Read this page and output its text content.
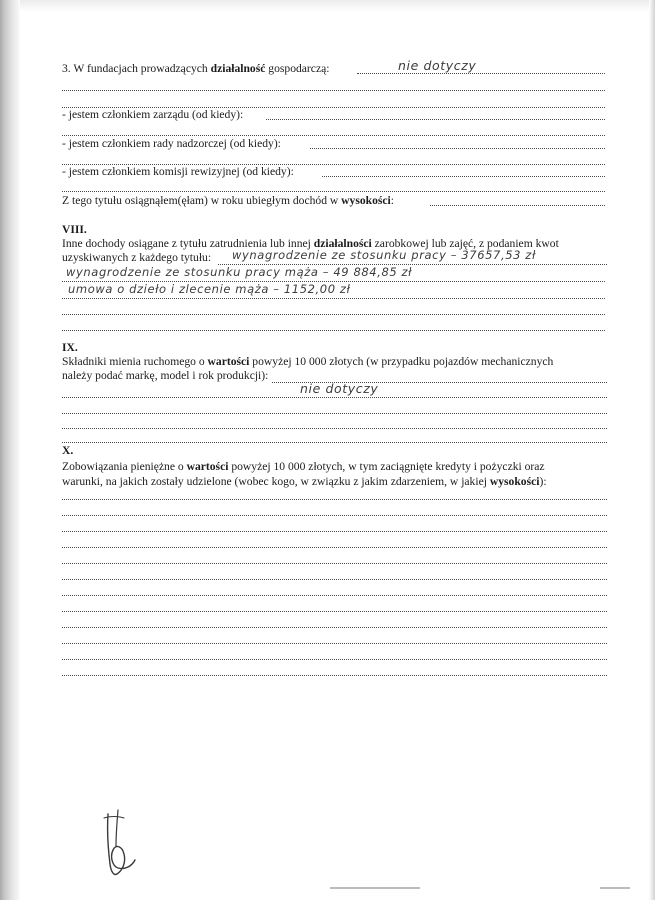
3. W fundacjach prowadzących działalność gospodarczą:	nie dotyczy
- jestem członkiem zarządu (od kiedy):
- jestem członkiem rady nadzorczej (od kiedy):
- jestem członkiem komisji rewizyjnej (od kiedy):
Z tego tytułu osiągnąłem(ęłam) w roku ubiegłym dochód w wysokości:
VIII.
Inne dochody osiągane z tytułu zatrudnienia lub innej działalności zarobkowej lub zajęć, z podaniem kwot
uzyskiwanych z każdego tytułu: wynagrodzenie ze stosunku pracy – 37657,53 zł
wynagrodzenie ze stosunku pracy mąża – 49 884,85 zł
umowa o dzieło i zlecenie mąża – 1152,00 zł
IX.
Składniki mienia ruchomego o wartości powyżej 10 000 złotych (w przypadku pojazdów mechanicznych
należy podać markę, model i rok produkcji):
nie dotyczy
X.
Zobowiązania pieniężne o wartości powyżej 10 000 złotych, w tym zaciągnięte kredyty i pożyczki oraz
warunki, na jakich zostały udzielone (wobec kogo, w związku z jakim zdarzeniem, w jakiej wysokości):
